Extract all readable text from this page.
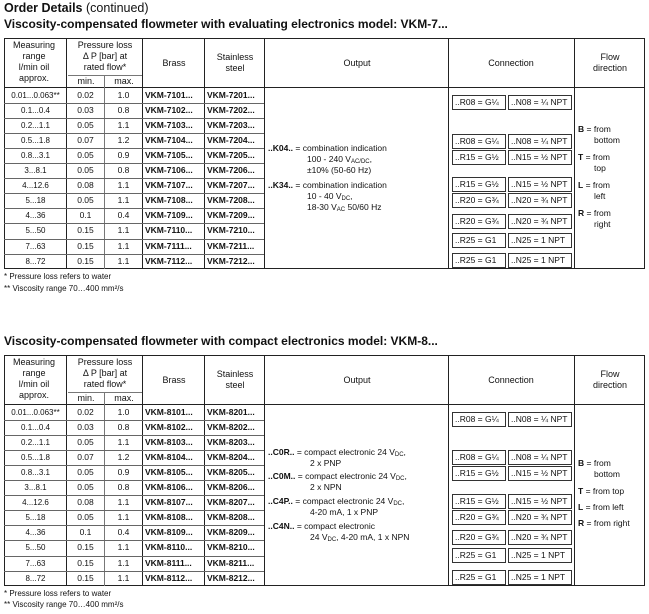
Order Details (continued)
Viscosity-compensated flowmeter with evaluating electronics model: VKM-7...
Measuring
range
l/min oil
approx.
Pressure loss
Δ P [bar] at
rated flow*
min.	max.
Brass
Stainless
steel	Output	Connection
Flow
direction
0.01...0.063**	0.02	1.0	VKM-7101...	VKM-7201...
0.1...0.4	0.03	0.8	VKM-7102...	VKM-7202...
0.2...1.1	0.05	1.1	VKM-7103...	VKM-7203...
0.5...1.8	0.07	1.2	VKM-7104...	VKM-7204...
0.8...3.1	0.05	0.9	VKM-7105...	VKM-7205...
3...8.1	0.05	0.8	VKM-7106...	VKM-7206...
4...12.6	0.08	1.1	VKM-7107...	VKM-7207...
5...18	0.05	1.1	VKM-7108...	VKM-7208...
4...36	0.1	0.4	VKM-7109...	VKM-7209...
5...50	0.15	1.1	VKM-7110...	VKM-7210...
7...63	0.15	1.1	VKM-7111...	VKM-7211...
8...72	0.15	1.1	VKM-7112...	VKM-7212...
..K04.. = combination indication
100 - 240 $V_{AC/DC}$,
±10% (50-60 Hz)
..K34.. = combination indication
10 - 40 $V_{DC}$,
18-30 $V_{AC}$ 50/60 Hz
..R08 = G¼ ..N08 = ¼ NPT
..R08 = G¼ ..N08 = ¼ NPT
..R15 = G½ ..N15 = ½ NPT
..R15 = G½ ..N15 = ½ NPT
..R20 = G¾ ..N20 = ¾ NPT
..R20 = G¾ ..N20 = ¾ NPT
..R25 = G1 ..N25 = 1 NPT
..R25 = G1 ..N25 = 1 NPT
B = from
bottom
T = from
top
L = from
left
R = from
right
* Pressure loss refers to water
** Viscosity range 70…400 mm²/s
Viscosity-compensated flowmeter with compact electronics model: VKM-8...
Measuring
range
l/min oil
approx.
Pressure loss
Δ P [bar] at
rated flow*
min.	max.
Brass
Stainless
steel	Output	Connection
Flow
direction
0.01...0.063**	0.02	1.0	VKM-8101...	VKM-8201...
0.1...0.4	0.03	0.8	VKM-8102...	VKM-8202...
0.2...1.1	0.05	1.1	VKM-8103...	VKM-8203...
0.5...1.8	0.07	1.2	VKM-8104...	VKM-8204...
0.8...3.1	0.05	0.9	VKM-8105...	VKM-8205...
3...8.1	0.05	0.8	VKM-8106...	VKM-8206...
4...12.6	0.08	1.1	VKM-8107...	VKM-8207...
5...18	0.05	1.1	VKM-8108...	VKM-8208...
4...36	0.1	0.4	VKM-8109...	VKM-8209...
5...50	0.15	1.1	VKM-8110...	VKM-8210...
7...63	0.15	1.1	VKM-8111...	VKM-8211...
8...72	0.15	1.1	VKM-8112...	VKM-8212...
..C0R.. = compact electronic 24 $V_{DC}$,
2 x PNP
..C0M.. = compact electronic 24 $V_{DC}$,
2 x NPN
..C4P.. = compact electronic 24 $V_{DC}$,
4-20 mA, 1 x PNP
..C4N.. = compact electronic
24 $V_{DC}$, 4-20 mA, 1 x NPN
..R08 = G¼ ..N08 = ¼ NPT
..R08 = G¼ ..N08 = ¼ NPT
..R15 = G½ ..N15 = ½ NPT
..R15 = G½ ..N15 = ½ NPT
..R20 = G¾ ..N20 = ¾ NPT
..R20 = G¾ ..N20 = ¾ NPT
..R25 = G1 ..N25 = 1 NPT
..R25 = G1 ..N25 = 1 NPT
B = from
bottom
T = from top
L = from left
R = from right
* Pressure loss refers to water
** Viscosity range 70…400 mm²/s
